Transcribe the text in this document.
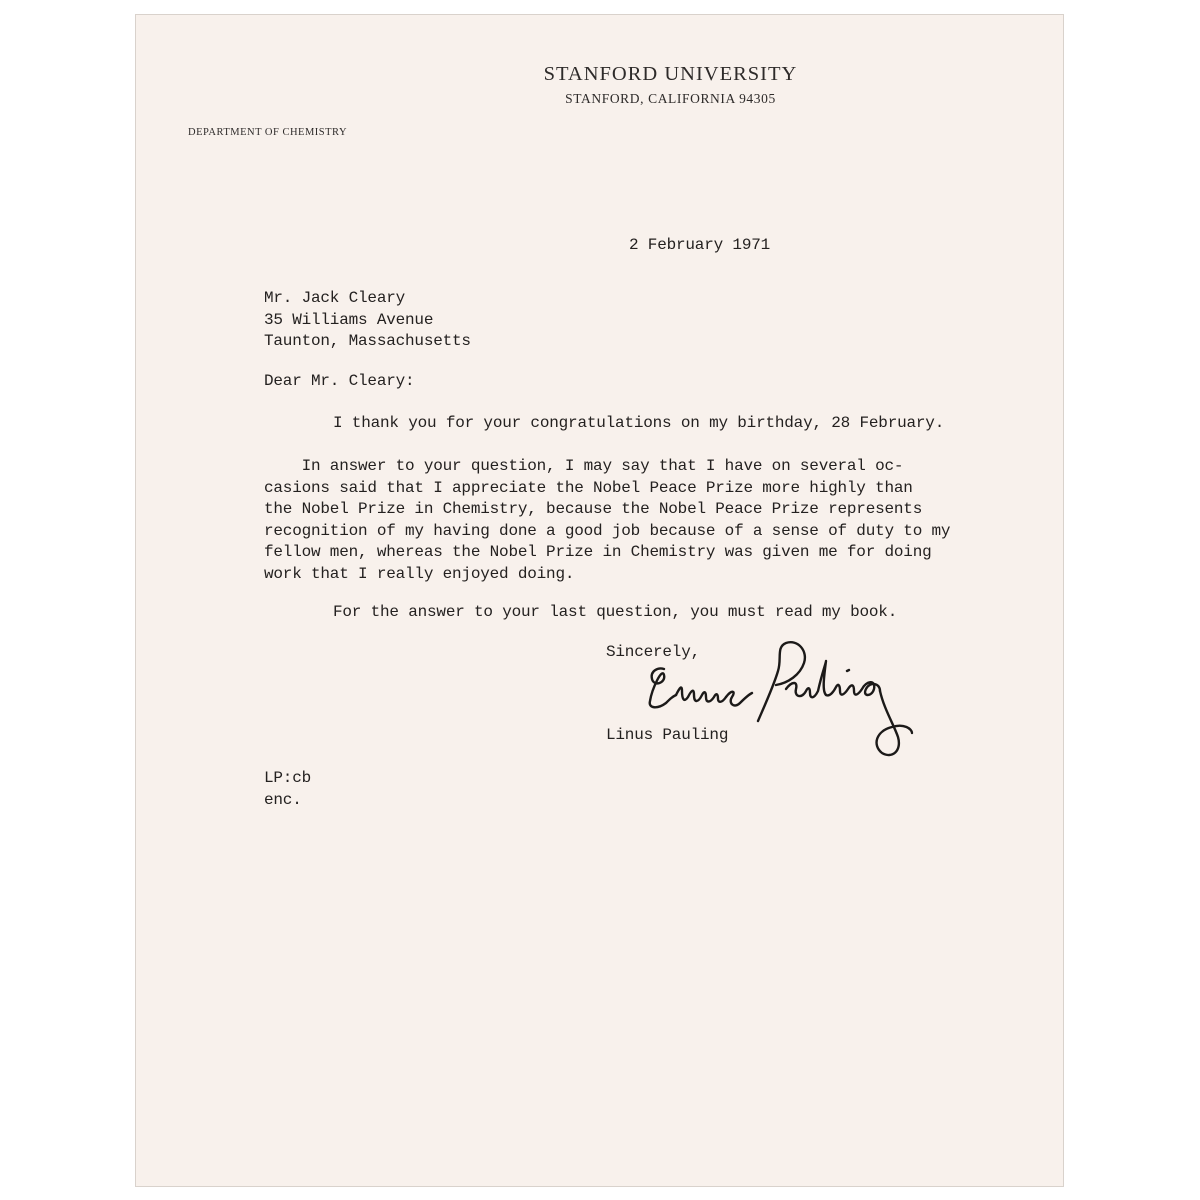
STANFORD UNIVERSITY
STANFORD, CALIFORNIA 94305
DEPARTMENT OF CHEMISTRY
2 February 1971
Mr. Jack Cleary
35 Williams Avenue
Taunton, Massachusetts
Dear Mr. Cleary:
I thank you for your congratulations on my birthday, 28 February.
In answer to your question, I may say that I have on several oc-
casions said that I appreciate the Nobel Peace Prize more highly than
the Nobel Prize in Chemistry, because the Nobel Peace Prize represents
recognition of my having done a good job because of a sense of duty to my
fellow men, whereas the Nobel Prize in Chemistry was given me for doing
work that I really enjoyed doing.
For the answer to your last question, you must read my book.
Sincerely,
Linus Pauling
LP:cb
enc.
